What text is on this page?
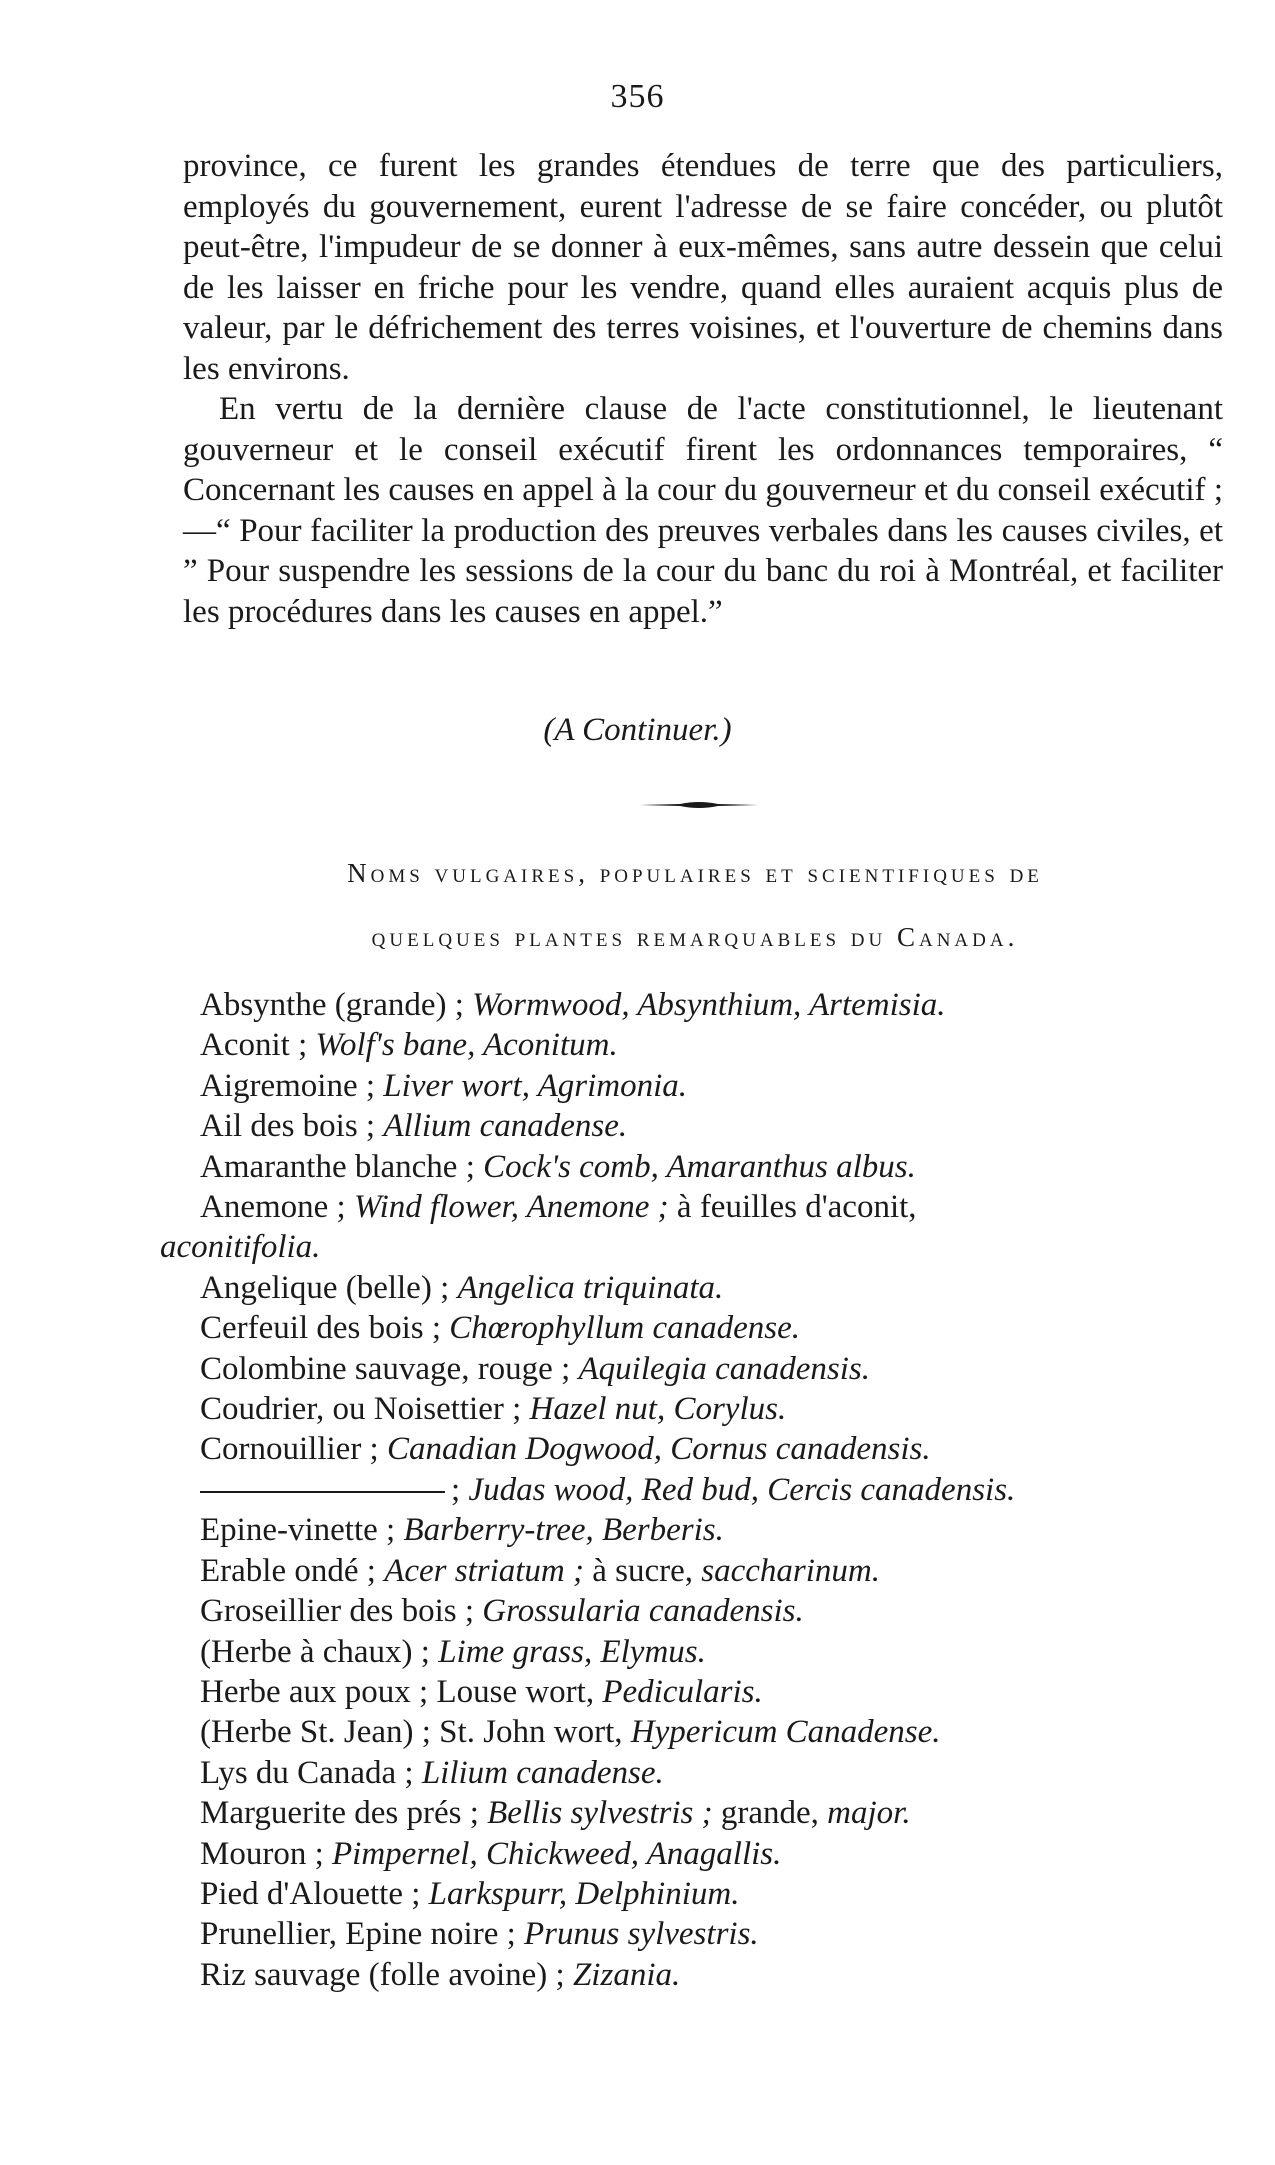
356

province, ce furent les grandes étendues de terre que des particuliers, employés du gouvernement, eurent l'adresse de se faire concéder, ou plutôt peut-être, l'impudeur de se donner à eux-mêmes, sans autre dessein que celui de les laisser en friche pour les vendre, quand elles auraient acquis plus de valeur, par le défrichement des terres voisines, et l'ouverture de chemins dans les environs.

En vertu de la dernière clause de l'acte constitutionnel, le lieutenant gouverneur et le conseil exécutif firent les ordonnances temporaires, “ Concernant les causes en appel à la cour du gouverneur et du conseil exécutif ;—“ Pour faciliter la production des preuves verbales dans les causes civiles, et ” Pour suspendre les sessions de la cour du banc du roi à Montréal, et faciliter les procédures dans les causes en appel.”

(A Continuer.)
Noms vulgaires, populaires et scientifiques de
quelques plantes remarquables du Canada.
Absynthe (grande) ; Wormwood, Absynthium, Artemisia.
Aconit ; Wolf's bane, Aconitum.
Aigremoine ; Liver wort, Agrimonia.
Ail des bois ; Allium canadense.
Amaranthe blanche ; Cock's comb, Amaranthus albus.
Anemone ; Wind flower, Anemone ; à feuilles d'aconit,
aconitifolia.
Angelique (belle) ; Angelica triquinata.
Cerfeuil des bois ; Chœrophyllum canadense.
Colombine sauvage, rouge ; Aquilegia canadensis.
Coudrier, ou Noisettier ; Hazel nut, Corylus.
Cornouillier ; Canadian Dogwood, Cornus canadensis.
; Judas wood, Red bud, Cercis canadensis.
Epine-vinette ; Barberry-tree, Berberis.
Erable ondé ; Acer striatum ; à sucre, saccharinum.
Groseillier des bois ; Grossularia canadensis.
(Herbe à chaux) ; Lime grass, Elymus.
Herbe aux poux ; Louse wort, Pedicularis.
(Herbe St. Jean) ; St. John wort, Hypericum Canadense.
Lys du Canada ; Lilium canadense.
Marguerite des prés ; Bellis sylvestris ; grande, major.
Mouron ; Pimpernel, Chickweed, Anagallis.
Pied d'Alouette ; Larkspurr, Delphinium.
Prunellier, Epine noire ; Prunus sylvestris.
Riz sauvage (folle avoine) ; Zizania.
